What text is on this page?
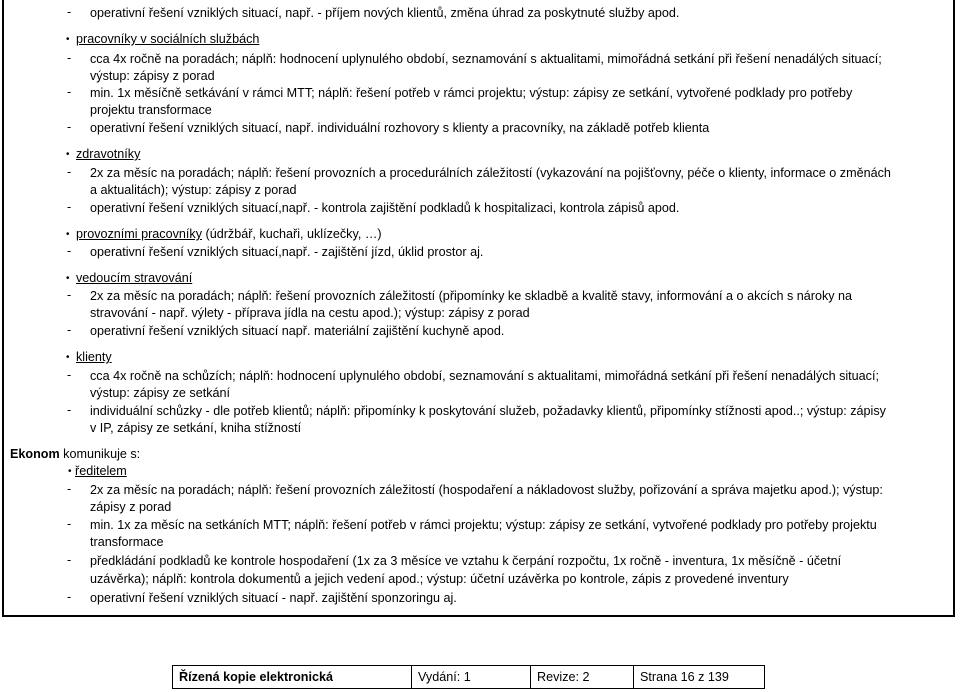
- operativní řešení vzniklých situací, např. - příjem nových klientů, změna úhrad za poskytnuté služby apod.
• pracovníky v sociálních službách
- cca 4x ročně na poradách; náplň: hodnocení uplynulého období, seznamování s aktualitami, mimořádná setkání při řešení nenadálých situací;
výstup: zápisy z porad
- min. 1x měsíčně setkávání v rámci MTT; náplň: řešení potřeb v rámci projektu; výstup: zápisy ze setkání, vytvořené podklady pro potřeby
projektu transformace
- operativní řešení vzniklých situací, např. individuální rozhovory s klienty a pracovníky, na základě potřeb klienta
• zdravotníky
- 2x za měsíc na poradách; náplň: řešení provozních a procedurálních záležitostí (vykazování na pojišťovny, péče o klienty, informace o změnách
a aktualitách); výstup: zápisy z porad
- operativní řešení vzniklých situací,např. - kontrola zajištění podkladů k hospitalizaci, kontrola zápisů apod.
• provozními pracovníky (údržbář, kuchaři, uklízečky, …)
- operativní řešení vzniklých situací,např. - zajištění jízd, úklid prostor aj.
• vedoucím stravování
- 2x za měsíc na poradách; náplň: řešení provozních záležitostí (připomínky ke skladbě a kvalitě stavy, informování a o akcích s nároky na
stravování - např. výlety - příprava jídla na cestu apod.); výstup: zápisy z porad
- operativní řešení vzniklých situací např. materiální zajištění kuchyně apod.
• klienty
- cca 4x ročně na schůzích; náplň: hodnocení uplynulého období, seznamování s aktualitami, mimořádná setkání při řešení nenadálých situací;
výstup: zápisy ze setkání
- individuální schůzky - dle potřeb klientů; náplň: připomínky k poskytování služeb, požadavky klientů, připomínky stížnosti apod..; výstup: zápisy
v IP, zápisy ze setkání, kniha stížností
Ekonom komunikuje s:
• ředitelem
- 2x za měsíc na poradách; náplň: řešení provozních záležitostí (hospodaření a nákladovost služby, pořizování a správa majetku apod.); výstup:
zápisy z porad
- min. 1x za měsíc na setkáních MTT; náplň: řešení potřeb v rámci projektu; výstup: zápisy ze setkání, vytvořené podklady pro potřeby projektu
transformace
- předkládání podkladů ke kontrole hospodaření (1x za 3 měsíce ve vztahu k čerpání rozpočtu, 1x ročně - inventura, 1x měsíčně - účetní
uzávěrka); náplň: kontrola dokumentů a jejich vedení apod.; výstup: účetní uzávěrka po kontrole, zápis z provedené inventury
- operativní řešení vzniklých situací - např. zajištění sponzoringu aj.
Řízená kopie elektronická	Vydání: 1	Revize: 2	Strana 16 z 139
